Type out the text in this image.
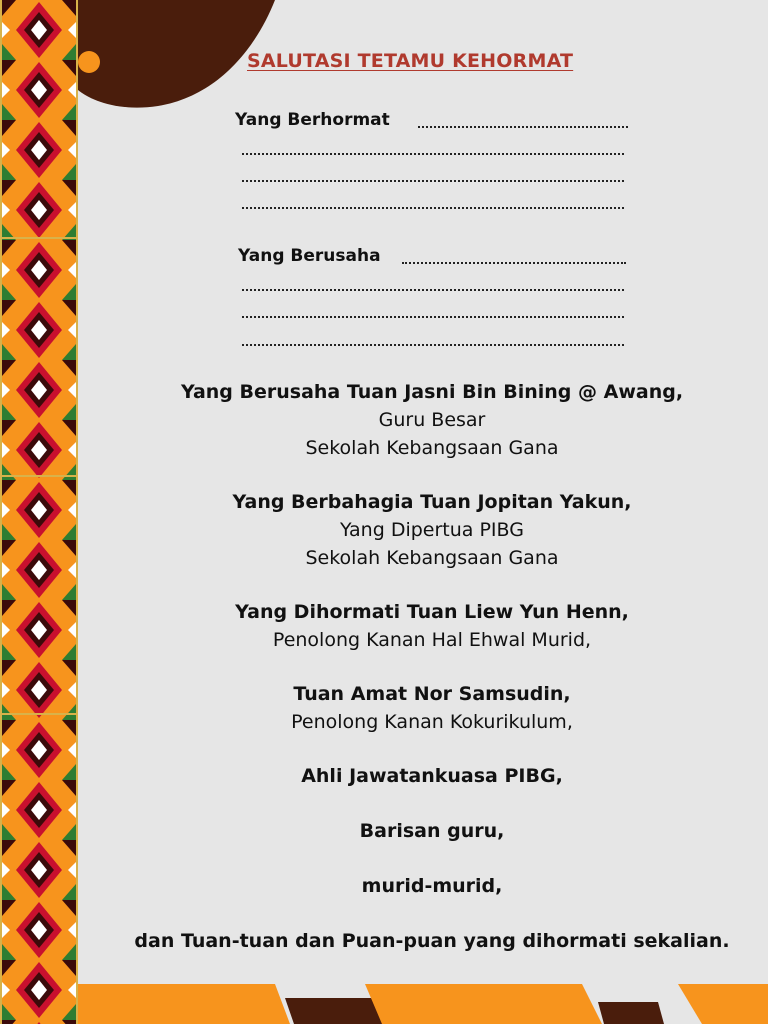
SALUTASI TETAMU KEHORMAT
Yang Berhormat
Yang Berusaha
Yang Berusaha Tuan Jasni Bin Bining @ Awang,
Guru Besar
Sekolah Kebangsaan Gana
Yang Berbahagia Tuan Jopitan Yakun,
Yang Dipertua PIBG
Sekolah Kebangsaan Gana
Yang Dihormati Tuan Liew Yun Henn,
Penolong Kanan Hal Ehwal Murid,
Tuan Amat Nor Samsudin,
Penolong Kanan Kokurikulum,
Ahli Jawatankuasa PIBG,
Barisan guru,
murid-murid,
dan Tuan-tuan dan Puan-puan yang dihormati sekalian.
